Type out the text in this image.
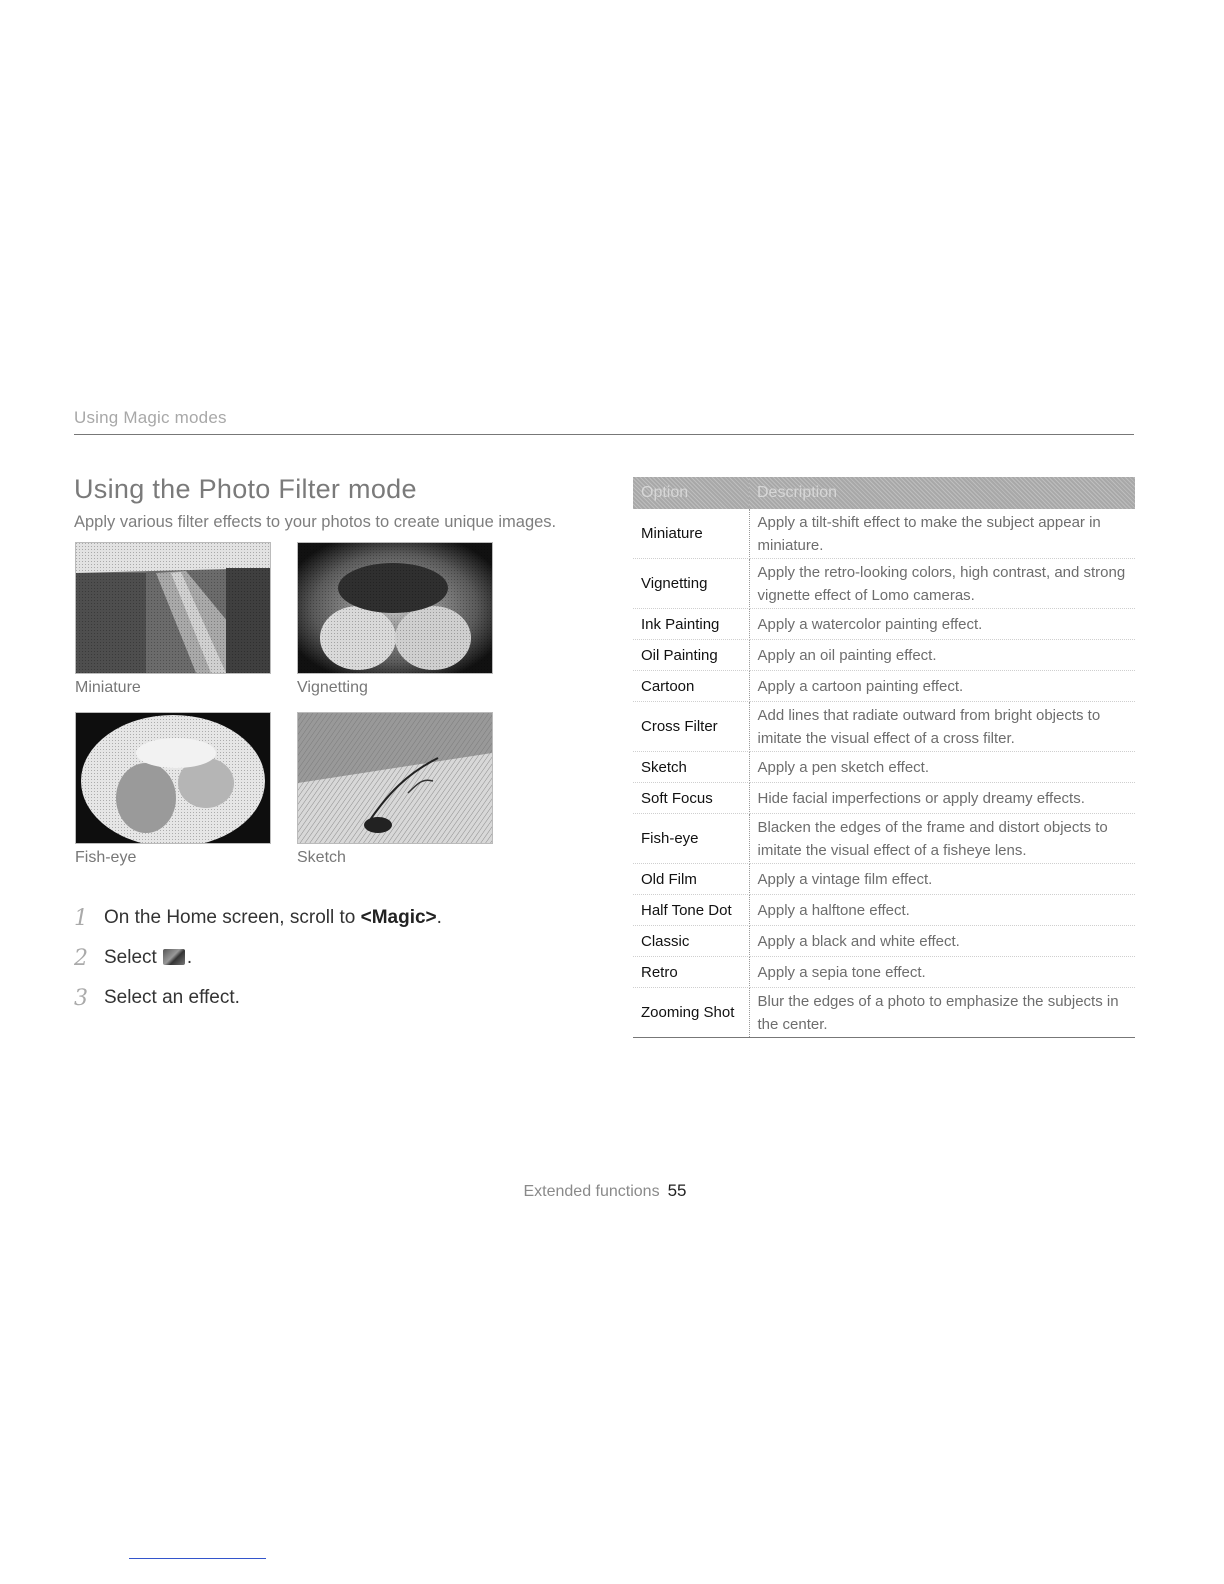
Using Magic modes
Using the Photo Filter mode
Apply various filter effects to your photos to create unique images.
Miniature	Vignetting
Fish-eye	Sketch
1 On the Home screen, scroll to <Magic>.
2 Select .
3 Select an effect.
Option	Description
Miniature	Apply a tilt-shift effect to make the subject appear in miniature.
Vignetting	Apply the retro-looking colors, high contrast, and strong vignette effect of Lomo cameras.
Ink Painting	Apply a watercolor painting effect.
Oil Painting	Apply an oil painting effect.
Cartoon	Apply a cartoon painting effect.
Cross Filter	Add lines that radiate outward from bright objects to imitate the visual effect of a cross filter.
Sketch	Apply a pen sketch effect.
Soft Focus	Hide facial imperfections or apply dreamy effects.
Fish-eye	Blacken the edges of the frame and distort objects to imitate the visual effect of a fisheye lens.
Old Film	Apply a vintage film effect.
Half Tone Dot	Apply a halftone effect.
Classic	Apply a black and white effect.
Retro	Apply a sepia tone effect.
Zooming Shot	Blur the edges of a photo to emphasize the subjects in the center.
Extended functions 55
